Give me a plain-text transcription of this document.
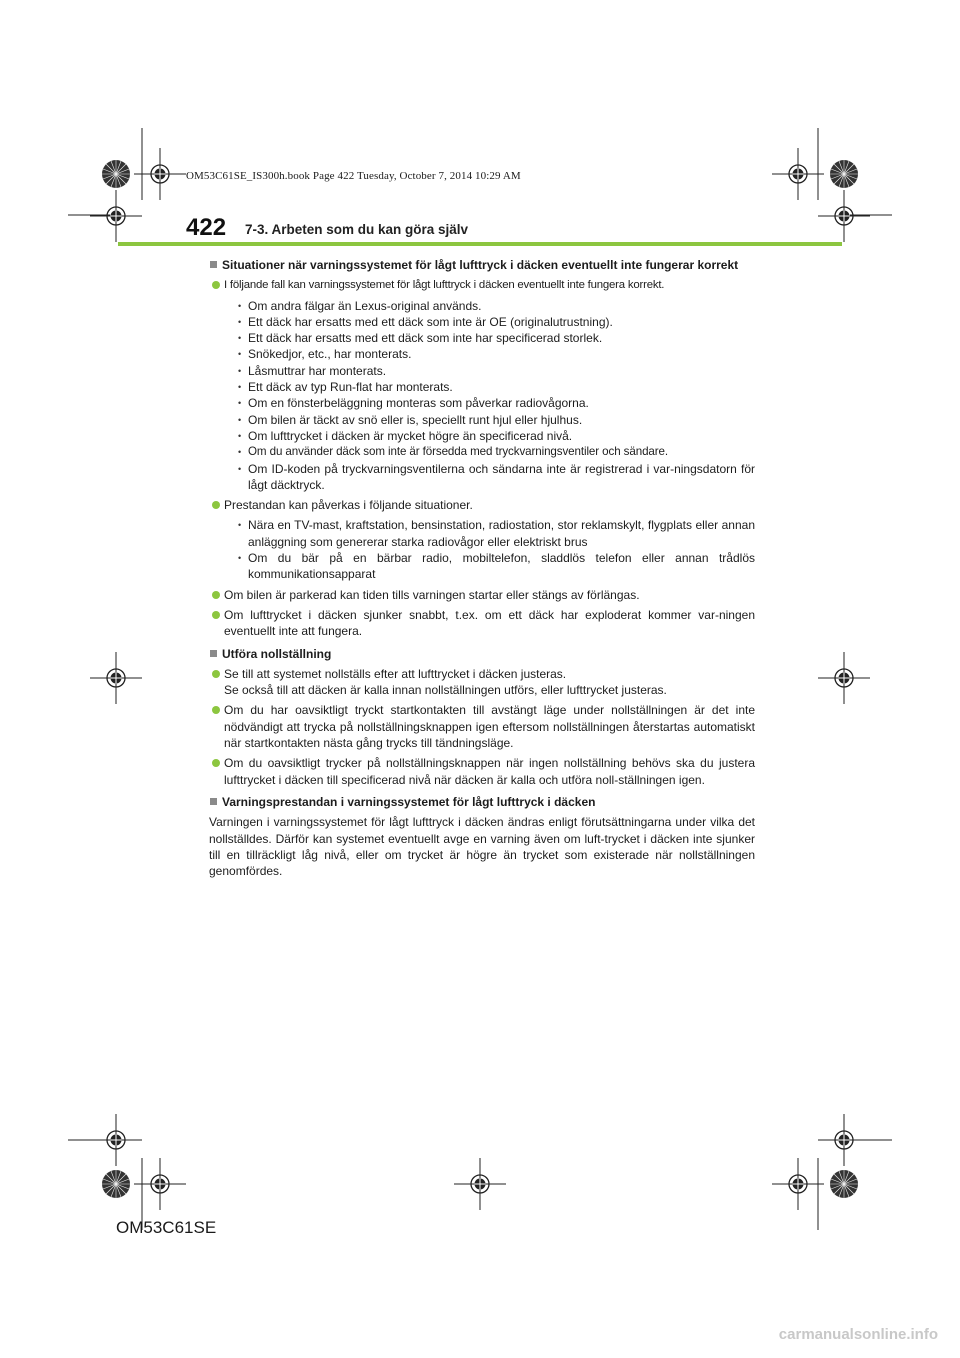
OM53C61SE_IS300h.book Page 422 Tuesday, October 7, 2014 10:29 AM
422 7-3. Arbeten som du kan göra själv
Situationer när varningssystemet för lågt lufttryck i däcken eventuellt inte fungerar korrekt
I följande fall kan varningssystemet för lågt lufttryck i däcken eventuellt inte fungera korrekt.
• Om andra fälgar än Lexus-original används.
• Ett däck har ersatts med ett däck som inte är OE (originalutrustning).
• Ett däck har ersatts med ett däck som inte har specificerad storlek.
• Snökedjor, etc., har monterats.
• Låsmuttrar har monterats.
• Ett däck av typ Run-flat har monterats.
• Om en fönsterbeläggning monteras som påverkar radiovågorna.
• Om bilen är täckt av snö eller is, speciellt runt hjul eller hjulhus.
• Om lufttrycket i däcken är mycket högre än specificerad nivå.
• Om du använder däck som inte är försedda med tryckvarningsventiler och sändare.
• Om ID-koden på tryckvarningsventilerna och sändarna inte är registrerad i var-ningsdatorn för lågt däcktryck.
Prestandan kan påverkas i följande situationer.
• Nära en TV-mast, kraftstation, bensinstation, radiostation, stor reklamskylt, flygplats eller annan anläggning som genererar starka radiovågor eller elektriskt brus
• Om du bär på en bärbar radio, mobiltelefon, sladdlös telefon eller annan trådlös kommunikationsapparat
Om bilen är parkerad kan tiden tills varningen startar eller stängs av förlängas.
Om lufttrycket i däcken sjunker snabbt, t.ex. om ett däck har exploderat kommer var-ningen eventuellt inte att fungera.
Utföra nollställning
Se till att systemet nollställs efter att lufttrycket i däcken justeras.
Se också till att däcken är kalla innan nollställningen utförs, eller lufttrycket justeras.
Om du har oavsiktligt tryckt startkontakten till avstängt läge under nollställningen är det inte nödvändigt att trycka på nollställningsknappen igen eftersom nollställningen återstartas automatiskt när startkontakten nästa gång trycks till tändningsläge.
Om du oavsiktligt trycker på nollställningsknappen när ingen nollställning behövs ska du justera lufttrycket i däcken till specificerad nivå när däcken är kalla och utföra noll-ställningen igen.
Varningsprestandan i varningssystemet för lågt lufttryck i däcken

Varningen i varningssystemet för lågt lufttryck i däcken ändras enligt förutsättningarna under vilka det nollställdes. Därför kan systemet eventuellt avge en varning även om luft-trycket i däcken inte sjunker till en tillräckligt låg nivå, eller om trycket är högre än trycket som existerade när nollställningen genomfördes.

OM53C61SE
carmanualsonline.info
